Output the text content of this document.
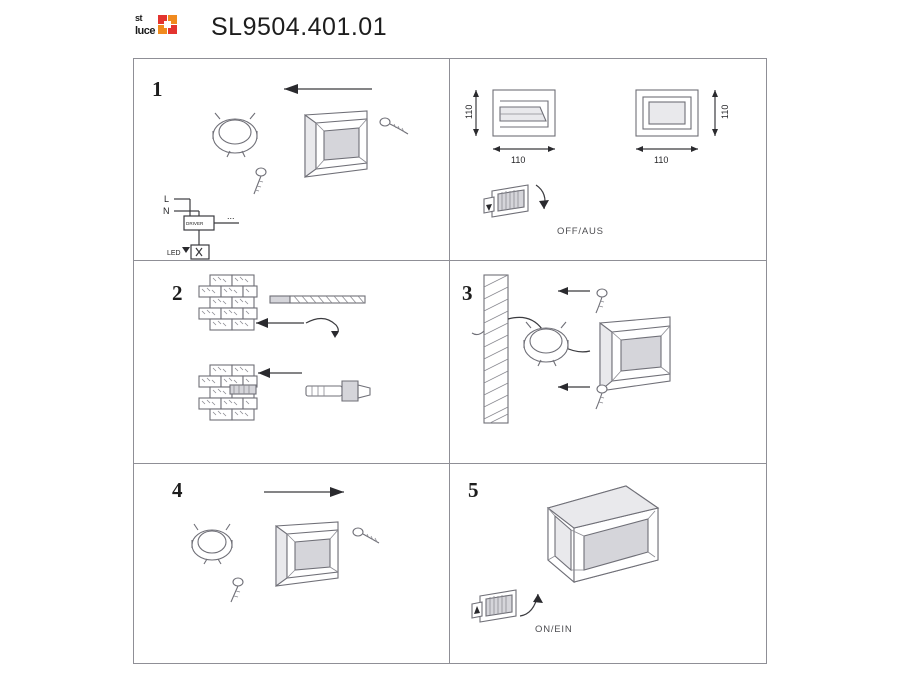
st
luce SL9504.401.01
1
L
N
DRIVER
LED
...
110
110
110
110
OFF/AUS
2	3
4	5
ON/EIN
